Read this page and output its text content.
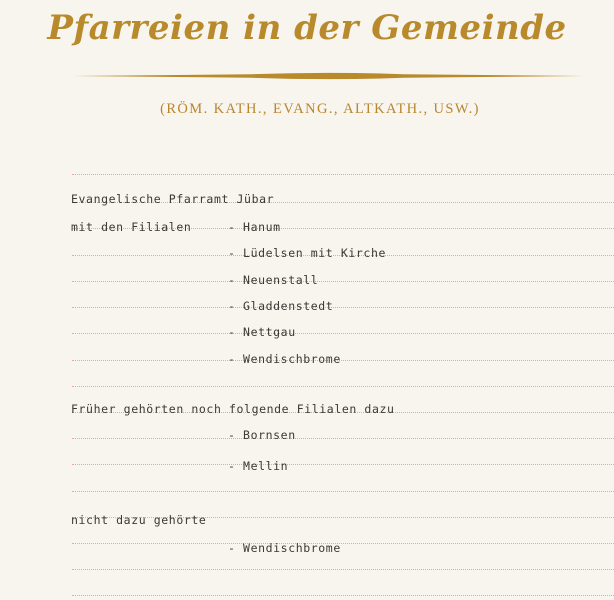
Pfarreien in der Gemeinde
(RÖM. KATH., EVANG., ALTKATH., USW.)
Evangelische Pfarramt Jübar
mit den Filialen	- Hanum
- Lüdelsen mit Kirche
- Neuenstall
- Gladdenstedt
- Nettgau
- Wendischbrome
Früher gehörten noch folgende Filialen dazu
- Bornsen
- Mellin
nicht dazu gehörte
- Wendischbrome
